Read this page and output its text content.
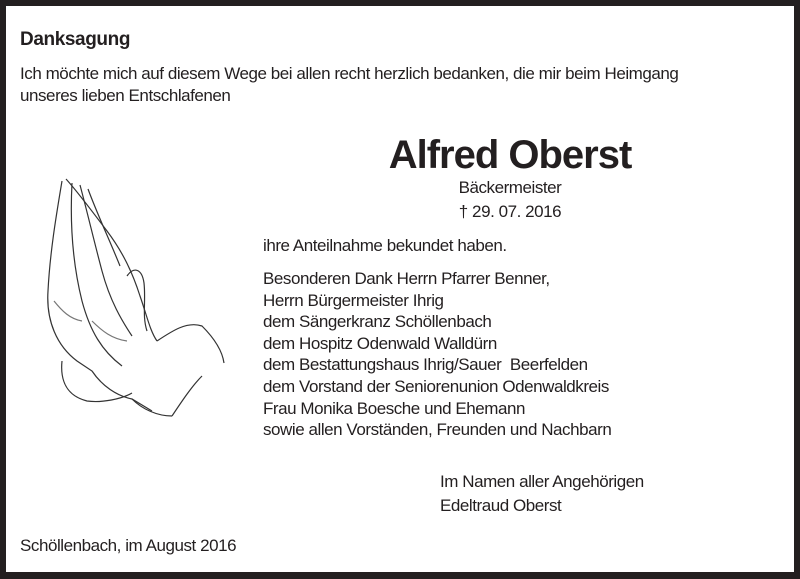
Danksagung
Ich möchte mich auf diesem Wege bei allen recht herzlich bedanken, die mir beim Heimgang
unseres lieben Entschlafenen
Alfred Oberst
Bäckermeister
† 29. 07. 2016
ihre Anteilnahme bekundet haben.
Besonderen Dank Herrn Pfarrer Benner,
Herrn Bürgermeister Ihrig
dem Sängerkranz Schöllenbach
dem Hospitz Odenwald Walldürn
dem Bestattungshaus Ihrig/Sauer  Beerfelden
dem Vorstand der Seniorenunion Odenwaldkreis
Frau Monika Boesche und Ehemann
sowie allen Vorständen, Freunden und Nachbarn
Im Namen aller Angehörigen
Edeltraud Oberst
Schöllenbach, im August 2016
